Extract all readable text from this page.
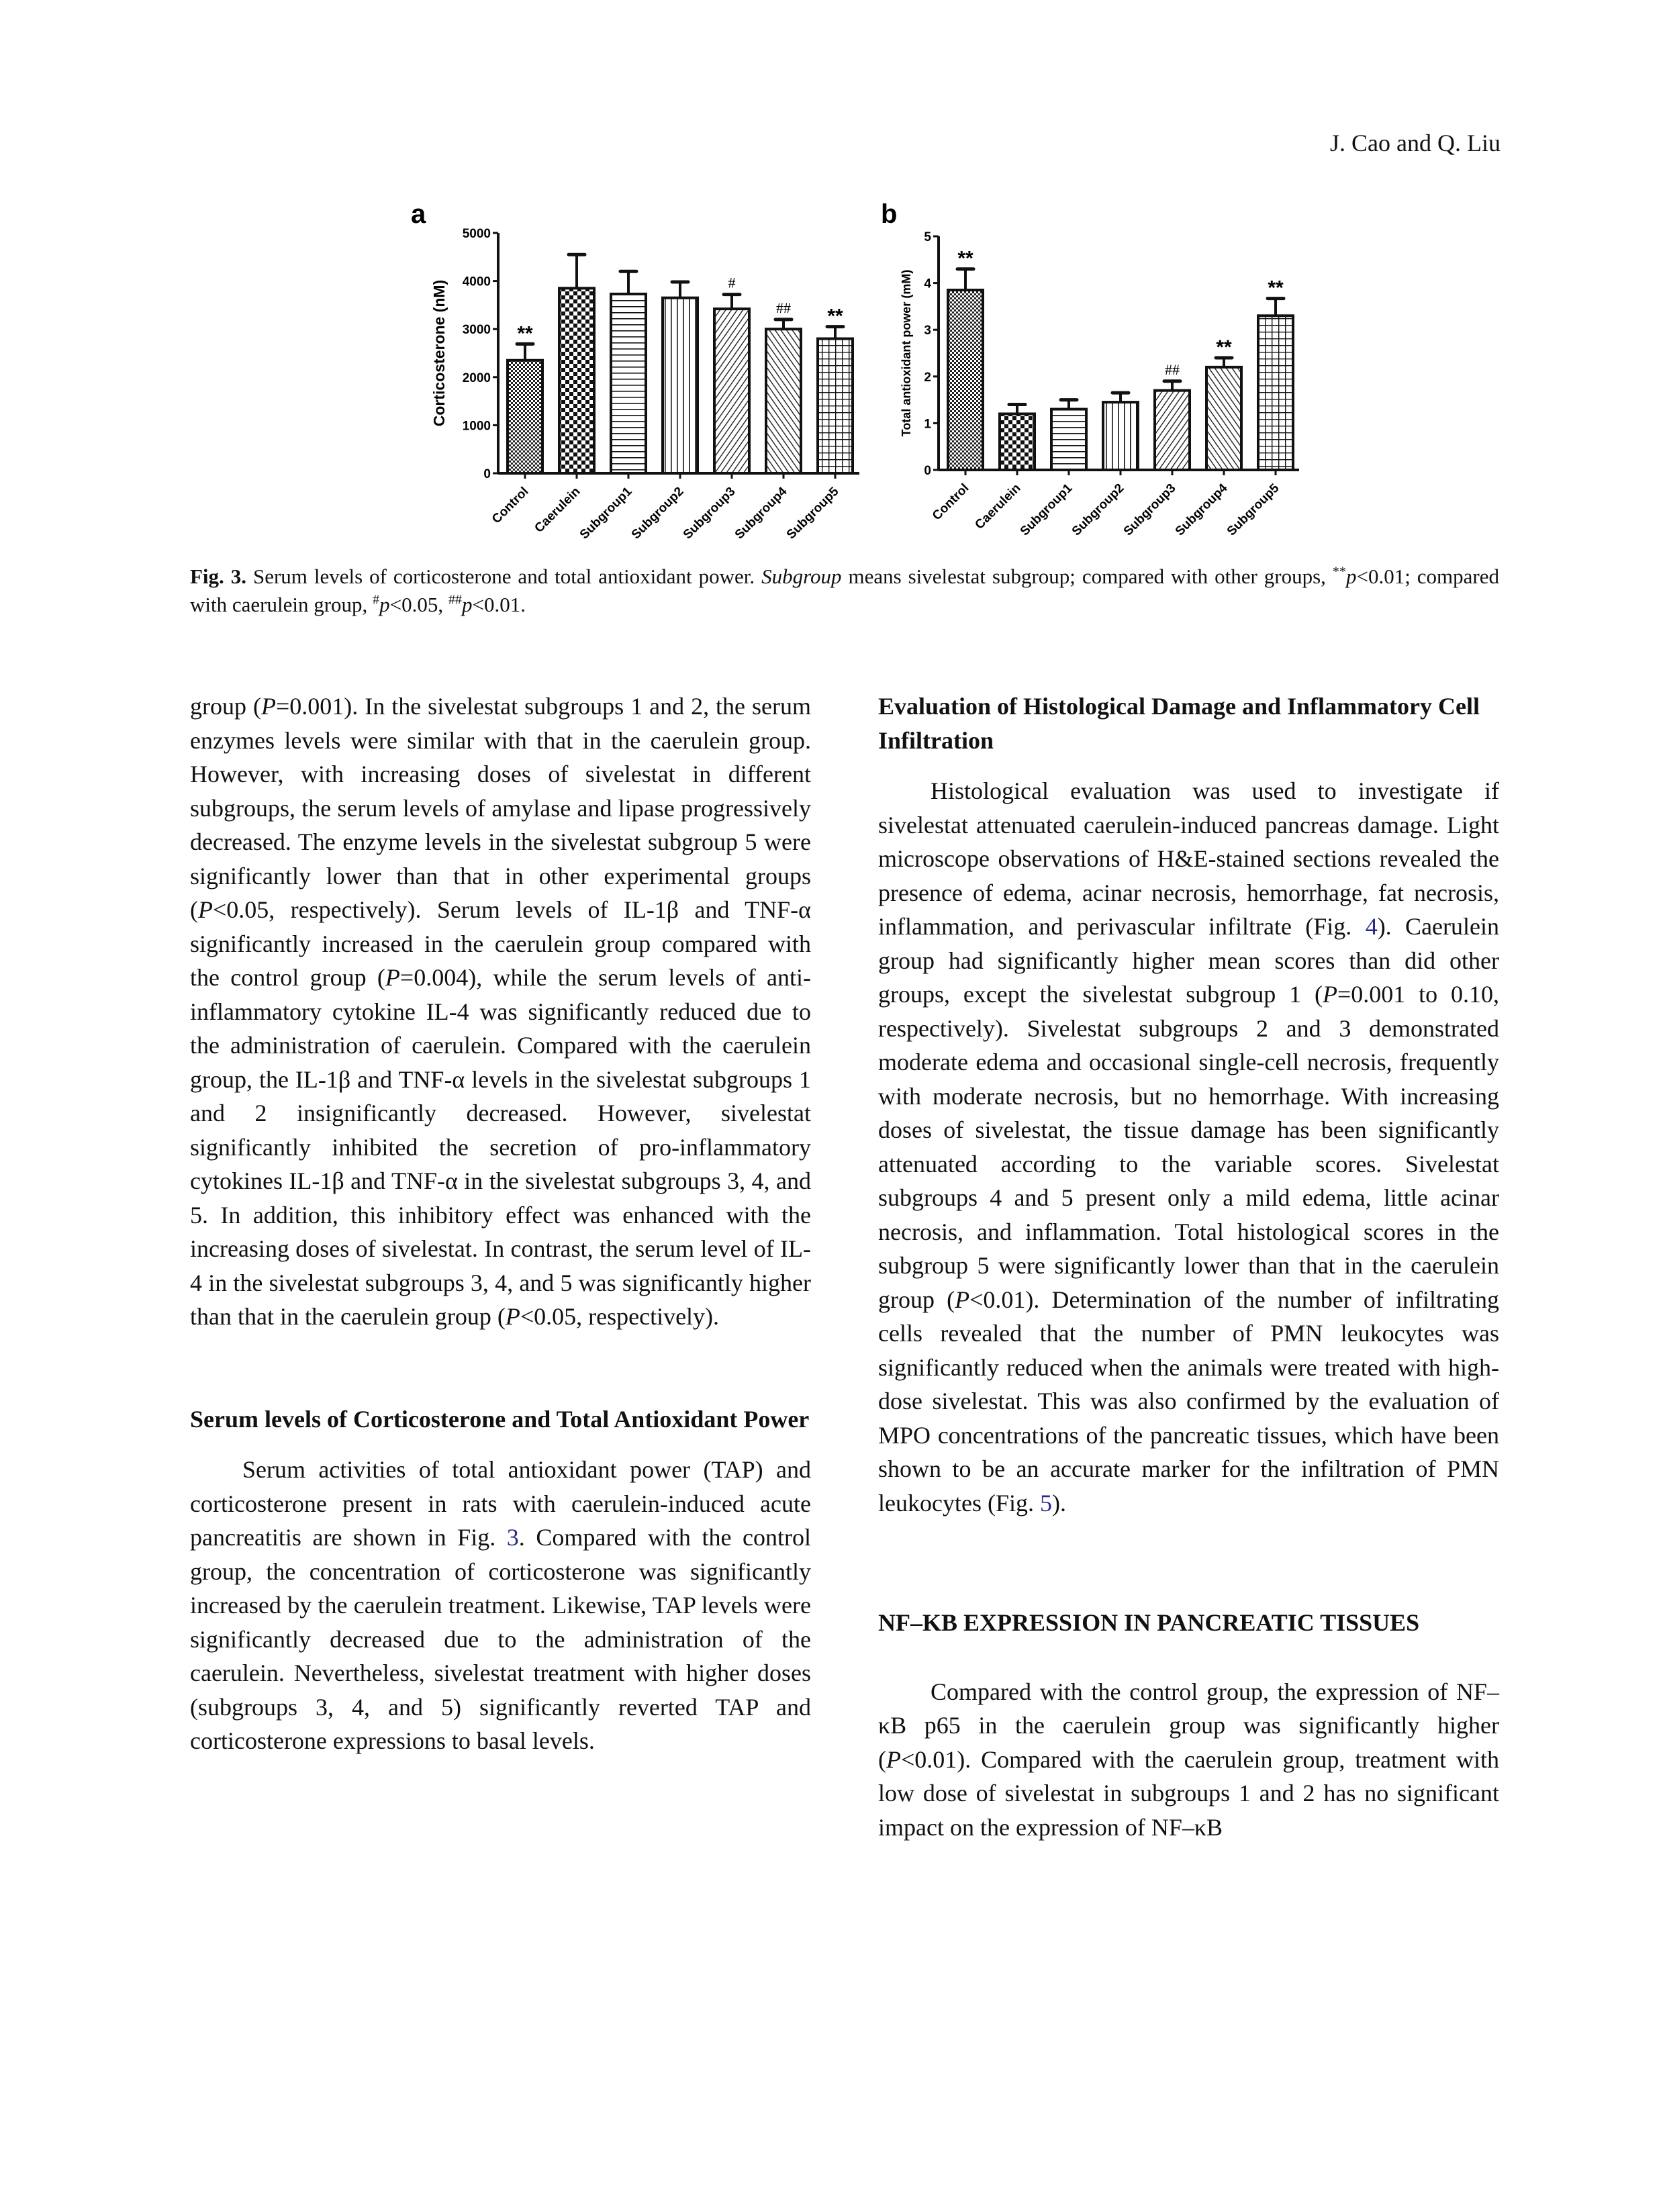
J. Cao and Q. Liu
a
0
1000
2000
3000
4000
5000
Corticosterone (nM)	**
Control Caerulein
Subgroup1
Subgroup2
#
Subgroup3
##
Subgroup4
**
Subgroup5
b
0
1
2
3
4
5
Total antioxidant power (mM)
**
Control Caerulein
Subgroup1
Subgroup2
##
Subgroup3
**
Subgroup4
**
Subgroup5
Fig. 3. Serum levels of corticosterone and total antioxidant power. Subgroup means sivelestat subgroup; compared with other groups, **p<0.01; compared with caerulein group, #p<0.05, ##p<0.01.

group (P=0.001). In the sivelestat subgroups 1 and 2, the serum enzymes levels were similar with that in the caerulein group. However, with increasing doses of sivelestat in different subgroups, the serum levels of amylase and lipase progressively decreased. The enzyme levels in the sivelestat subgroup 5 were significantly lower than that in other experimental groups (P<0.05, respectively). Serum levels of IL-1β and TNF-α significantly increased in the caerulein group compared with the control group (P=0.004), while the serum levels of anti-inflammatory cytokine IL-4 was significantly reduced due to the administration of caerulein. Compared with the caerulein group, the IL-1β and TNF-α levels in the sivelestat subgroups 1 and 2 insignificantly decreased. However, sivelestat significantly inhibited the secretion of pro-inflammatory cytokines IL-1β and TNF-α in the sivelestat subgroups 3, 4, and 5. In addition, this inhibitory effect was enhanced with the increasing doses of sivelestat. In contrast, the serum level of IL-4 in the sivelestat subgroups 3, 4, and 5 was significantly higher than that in the caerulein group (P<0.05, respectively).

Serum levels of Corticosterone and Total Antioxidant Power

Serum activities of total antioxidant power (TAP) and corticosterone present in rats with caerulein-induced acute pancreatitis are shown in Fig. 3. Compared with the control group, the concentration of corticosterone was significantly increased by the caerulein treatment. Likewise, TAP levels were significantly decreased due to the administration of the caerulein. Nevertheless, sivelestat treatment with higher doses (subgroups 3, 4, and 5) significantly reverted TAP and corticosterone expressions to basal levels.

Evaluation of Histological Damage and Inflammatory Cell Infiltration

Histological evaluation was used to investigate if sivelestat attenuated caerulein-induced pancreas damage. Light microscope observations of H&E-stained sections revealed the presence of edema, acinar necrosis, hemorrhage, fat necrosis, inflammation, and perivascular infiltrate (Fig. 4). Caerulein group had significantly higher mean scores than did other groups, except the sivelestat subgroup 1 (P=0.001 to 0.10, respectively). Sivelestat subgroups 2 and 3 demonstrated moderate edema and occasional single-cell necrosis, frequently with moderate necrosis, but no hemorrhage. With increasing doses of sivelestat, the tissue damage has been significantly attenuated according to the variable scores. Sivelestat subgroups 4 and 5 present only a mild edema, little acinar necrosis, and inflammation. Total histological scores in the subgroup 5 were significantly lower than that in the caerulein group (P<0.01). Determination of the number of infiltrating cells revealed that the number of PMN leukocytes was significantly reduced when the animals were treated with high-dose sivelestat. This was also confirmed by the evaluation of MPO concentrations of the pancreatic tissues, which have been shown to be an accurate marker for the infiltration of PMN leukocytes (Fig. 5).

NF–KB EXPRESSION IN PANCREATIC TISSUES

Compared with the control group, the expression of NF–κB p65 in the caerulein group was significantly higher (P<0.01). Compared with the caerulein group, treatment with low dose of sivelestat in subgroups 1 and 2 has no significant impact on the expression of NF–κB
